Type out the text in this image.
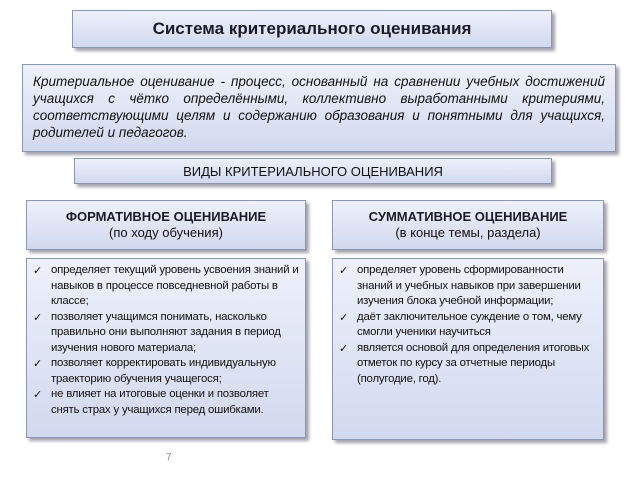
Система критериального оценивания
Критериальное оценивание - процесс, основанный на сравнении учебных достижений учащихся с чётко определёнными, коллективно выработанными критериями, соответствующими целям и содержанию образования и понятными для учащихся, родителей и педагогов.
ВИДЫ КРИТЕРИАЛЬНОГО ОЦЕНИВАНИЯ
ФОРМАТИВНОЕ ОЦЕНИВАНИЕ
(по ходу обучения)
СУММАТИВНОЕ ОЦЕНИВАНИЕ
(в конце темы, раздела)
✓ определяет текущий уровень усвоения знаний и навыков в процессе повседневной работы в классе;
✓ позволяет учащимся понимать, насколько правильно они выполняют задания в период изучения нового материала;
✓ позволяет корректировать индивидуальную траекторию обучения учащегося;
✓ не влияет на итоговые оценки и позволяет снять страх у учащихся перед ошибками.
✓ определяет уровень сформированности знаний и учебных навыков при завершении изучения блока учебной информации;
✓ даёт заключительное суждение о том, чему смогли ученики научиться
✓ является основой для определения итоговых отметок по курсу за отчетные периоды (полугодие, год).
7
